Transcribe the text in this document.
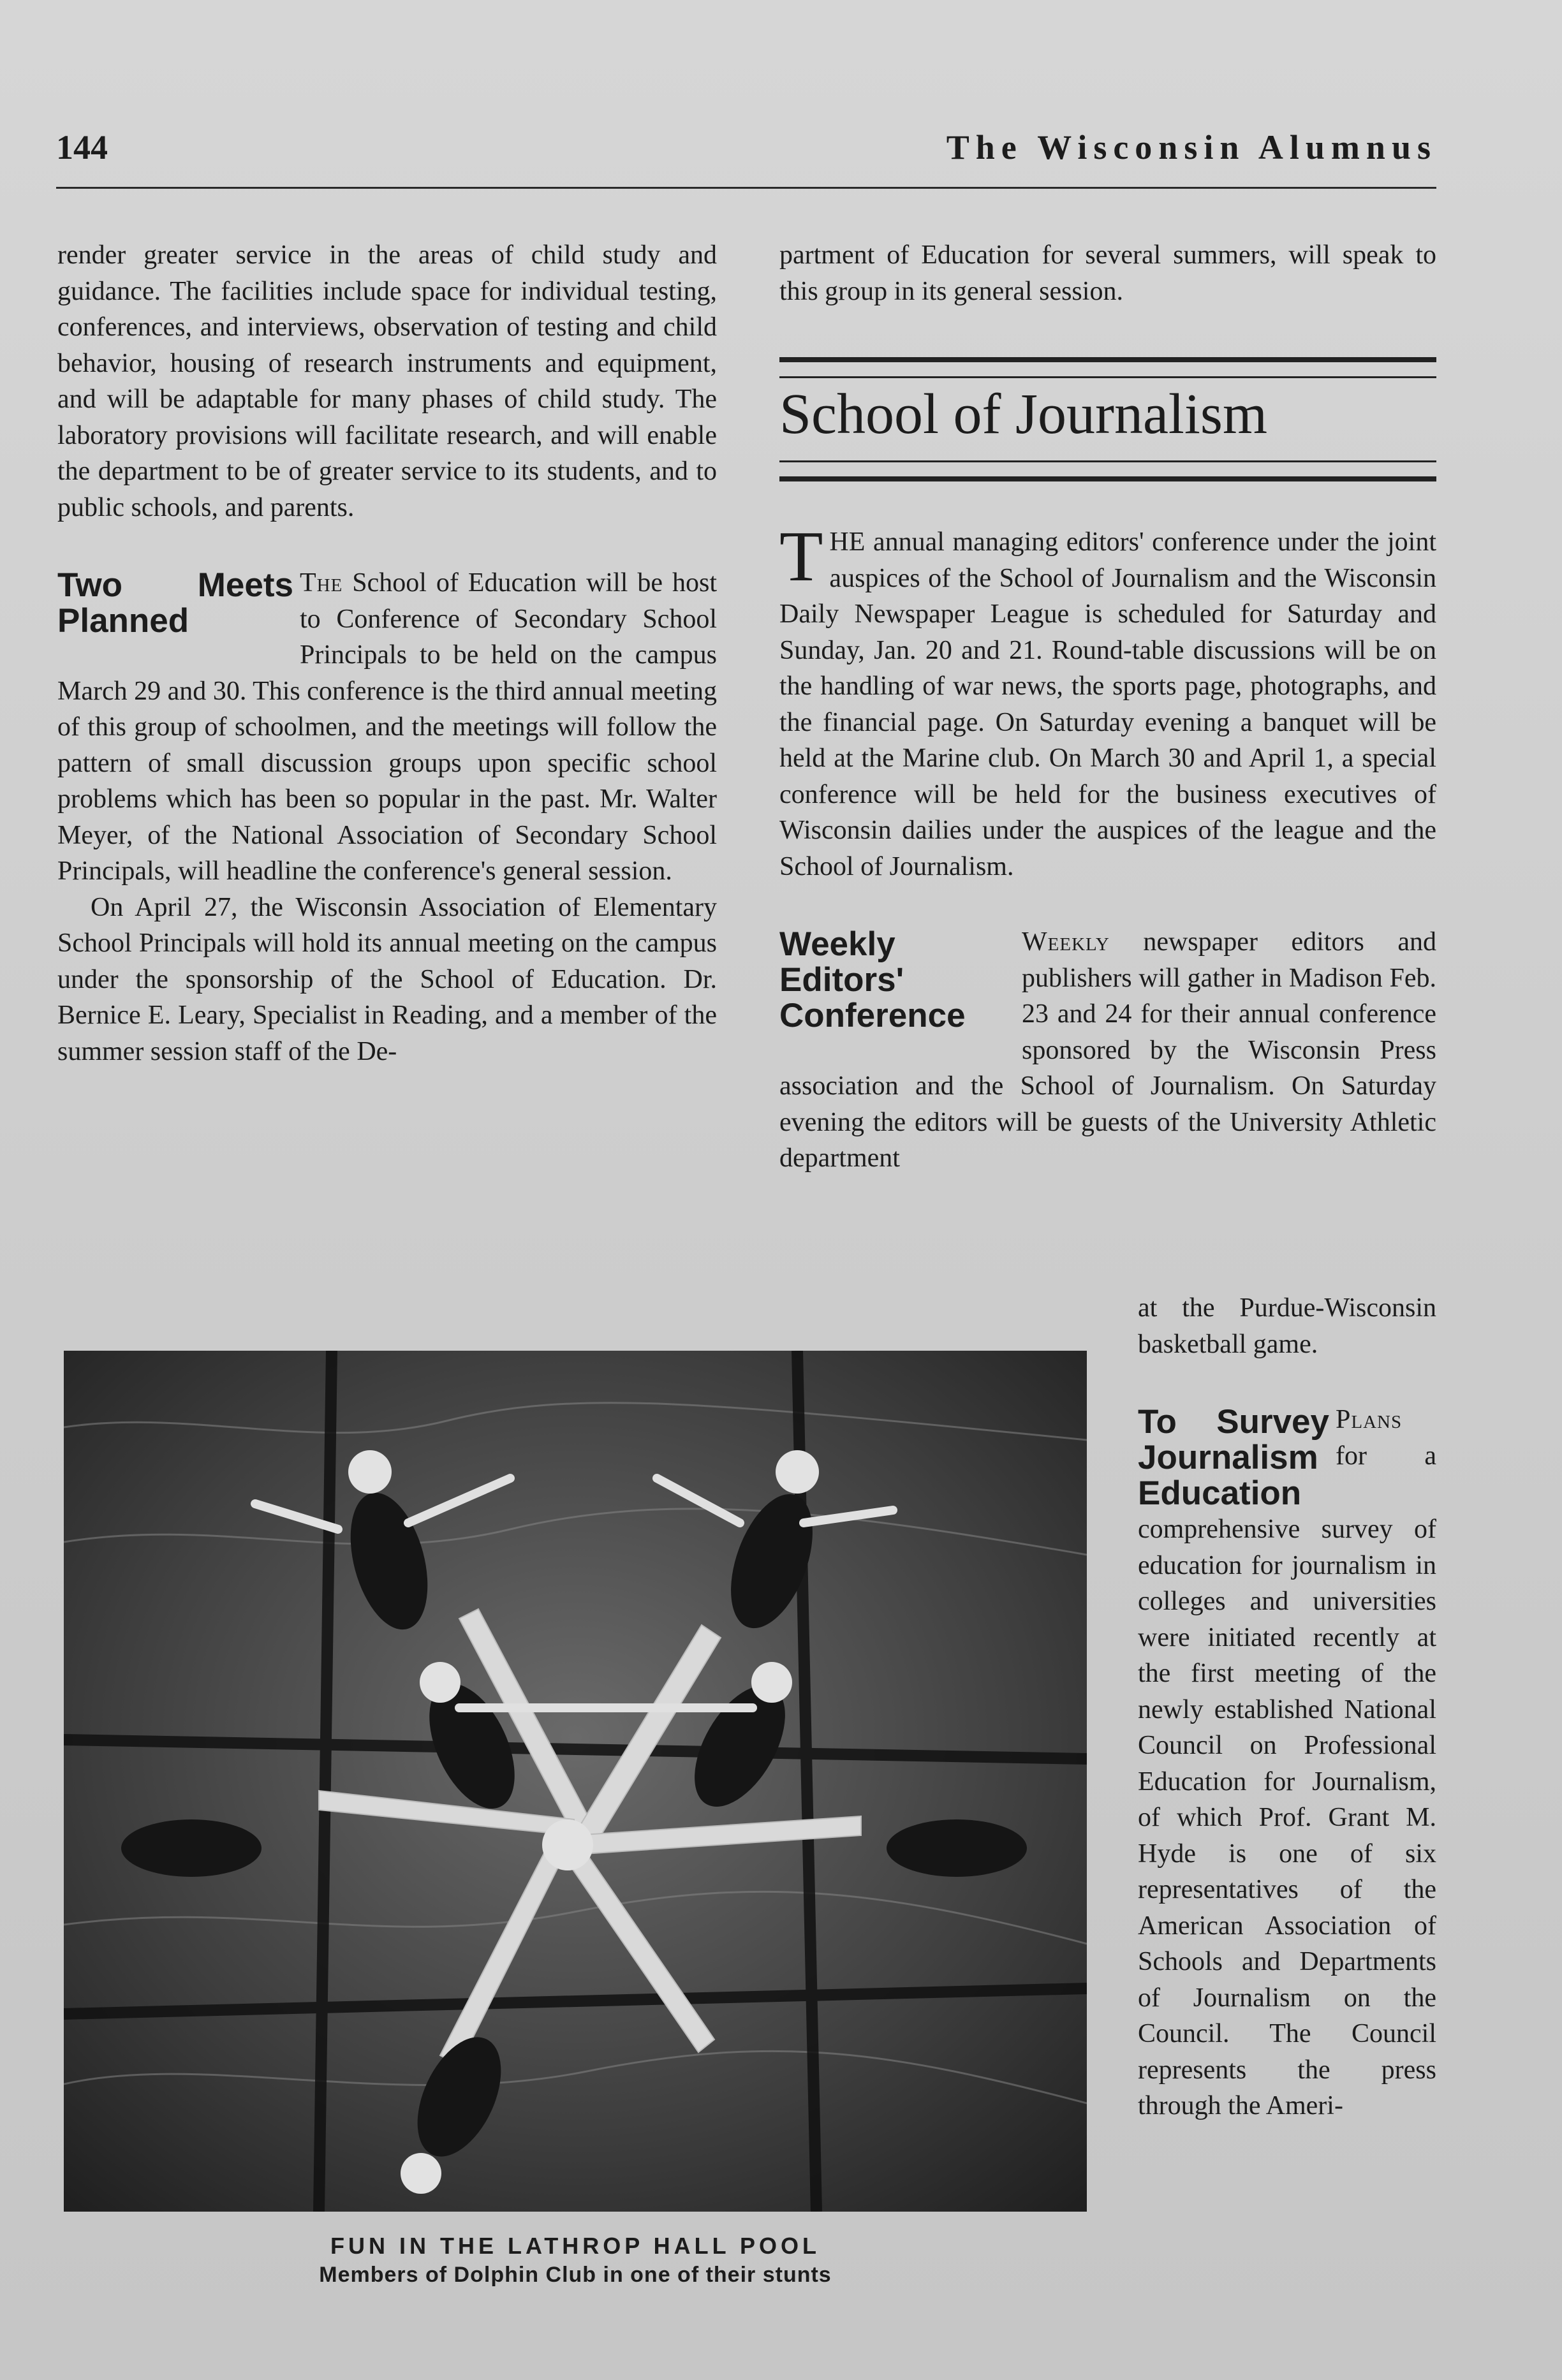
144	The Wisconsin Alumnus

render greater service in the areas of child study and guidance. The facilities include space for individual testing, conferences, and interviews, observation of testing and child behavior, housing of research instruments and equipment, and will be adaptable for many phases of child study. The laboratory provisions will facilitate research, and will enable the department to be of greater service to its students, and to public schools, and parents.

Two Meets Planned

The School of Education will be host to Conference of Secondary School Principals to be held on the campus March 29 and 30. This conference is the third annual meeting of this group of schoolmen, and the meetings will follow the pattern of small discussion groups upon specific school problems which has been so popular in the past. Mr. Walter Meyer, of the National Association of Secondary School Principals, will headline the conference's general session.

On April 27, the Wisconsin Association of Elementary School Principals will hold its annual meeting on the campus under the sponsorship of the School of Education. Dr. Bernice E. Leary, Specialist in Reading, and a member of the summer session staff of the De-

partment of Education for several summers, will speak to this group in its general session.

School of Journalism

THE annual managing editors' conference under the joint auspices of the School of Journalism and the Wisconsin Daily Newspaper League is scheduled for Saturday and Sunday, Jan. 20 and 21. Round-table discussions will be on the handling of war news, the sports page, photographs, and the financial page. On Saturday evening a banquet will be held at the Marine club. On March 30 and April 1, a special conference will be held for the business executives of Wisconsin dailies under the auspices of the league and the School of Journalism.

Weekly Editors' Conference

Weekly newspaper editors and publishers will gather in Madison Feb. 23 and 24 for their annual conference sponsored by the Wisconsin Press association and the School of Journalism. On Saturday evening the editors will be guests of the University Athletic department

at the Purdue-Wisconsin basketball game.

To Survey Journalism Education

Plans for a comprehensive survey of education for journalism in colleges and universities were initiated recently at the first meeting of the newly established National Council on Professional Education for Journalism, of which Prof. Grant M. Hyde is one of six representatives of the American Association of Schools and Departments of Journalism on the Council. The Council represents the press through the Ameri-

FUN IN THE LATHROP HALL POOL
Members of Dolphin Club in one of their stunts
